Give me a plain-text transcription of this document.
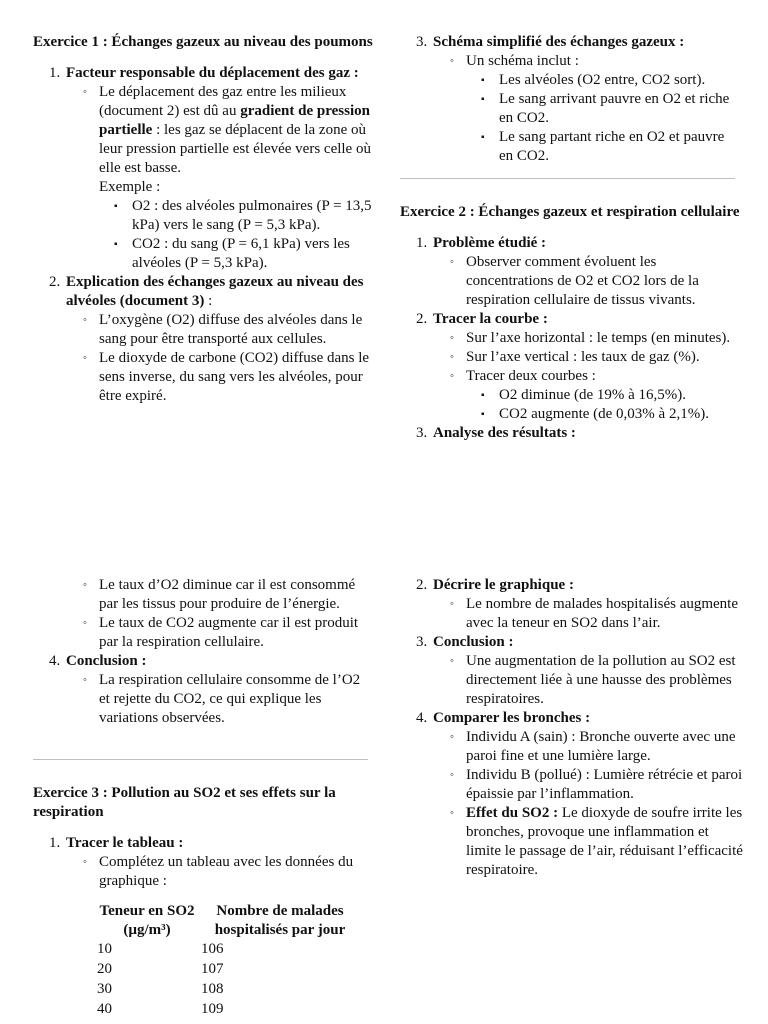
Exercice 1 : Échanges gazeux au niveau des poumons
1. Facteur responsable du déplacement des gaz :
◦ Le déplacement des gaz entre les milieux (document 2) est dû au gradient de pression partielle : les gaz se déplacent de la zone où leur pression partielle est élevée vers celle où elle est basse.
Exemple :
▪ O2 : des alvéoles pulmonaires (P = 13,5 kPa) vers le sang (P = 5,3 kPa).
▪ CO2 : du sang (P = 6,1 kPa) vers les alvéoles (P = 5,3 kPa).
2. Explication des échanges gazeux au niveau des alvéoles (document 3) :
◦ L’oxygène (O2) diffuse des alvéoles dans le sang pour être transporté aux cellules.
◦ Le dioxyde de carbone (CO2) diffuse dans le sens inverse, du sang vers les alvéoles, pour être expiré.
3. Schéma simplifié des échanges gazeux :
◦ Un schéma inclut :
▪ Les alvéoles (O2 entre, CO2 sort).
▪ Le sang arrivant pauvre en O2 et riche en CO2.
▪ Le sang partant riche en O2 et pauvre en CO2.
Exercice 2 : Échanges gazeux et respiration cellulaire
1. Problème étudié :
◦ Observer comment évoluent les concentrations de O2 et CO2 lors de la respiration cellulaire de tissus vivants.
2. Tracer la courbe :
◦ Sur l’axe horizontal : le temps (en minutes).
◦ Sur l’axe vertical : les taux de gaz (%).
◦ Tracer deux courbes :
▪ O2 diminue (de 19% à 16,5%).
▪ CO2 augmente (de 0,03% à 2,1%).
3. Analyse des résultats :
◦ Le taux d’O2 diminue car il est consommé par les tissus pour produire de l’énergie.
◦ Le taux de CO2 augmente car il est produit par la respiration cellulaire.
4. Conclusion :
◦ La respiration cellulaire consomme de l’O2 et rejette du CO2, ce qui explique les variations observées.
Exercice 3 : Pollution au SO2 et ses effets sur la respiration
1. Tracer le tableau :
◦ Complétez un tableau avec les données du graphique :
Teneur en SO2 (µg/m³)	Nombre de malades hospitalisés par jour
10	106
20	107
30	108
40	109
2. Décrire le graphique :
◦ Le nombre de malades hospitalisés augmente avec la teneur en SO2 dans l’air.
3. Conclusion :
◦ Une augmentation de la pollution au SO2 est directement liée à une hausse des problèmes respiratoires.
4. Comparer les bronches :
◦ Individu A (sain) : Bronche ouverte avec une paroi fine et une lumière large.
◦ Individu B (pollué) : Lumière rétrécie et paroi épaissie par l’inflammation.
◦ Effet du SO2 : Le dioxyde de soufre irrite les bronches, provoque une inflammation et limite le passage de l’air, réduisant l’efficacité respiratoire.
